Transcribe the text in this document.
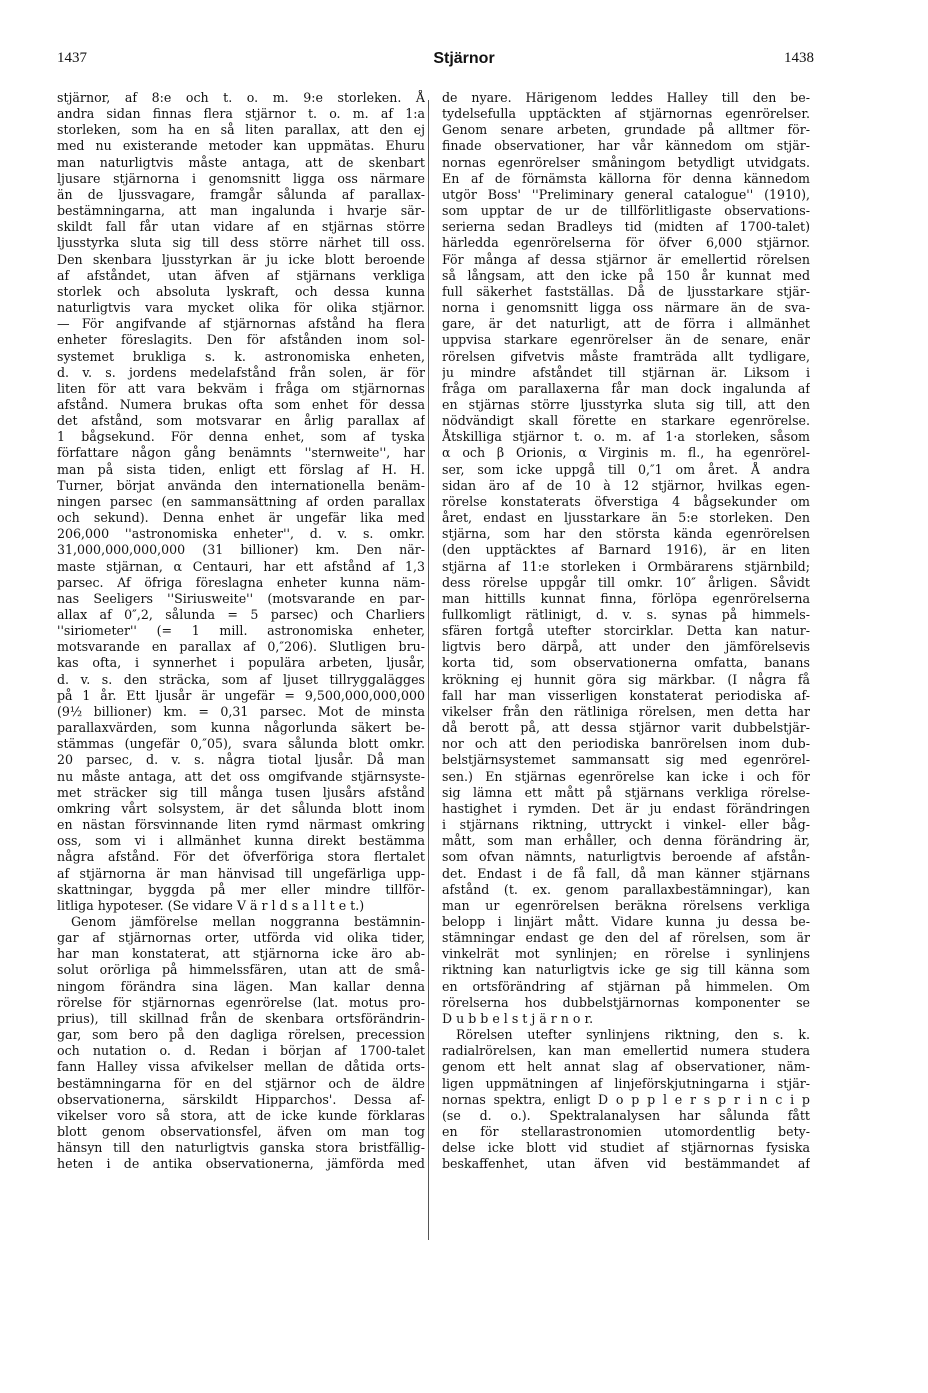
1437	Stjärnor	1438
stjärnor, af 8:e och t. o. m. 9:e storleken. Å
andra sidan finnas flera stjärnor t. o. m. af 1:a
storleken, som ha en så liten parallax, att den ej
med nu existerande metoder kan uppmätas. Ehuru
man naturligtvis måste antaga, att de skenbart
ljusare stjärnorna i genomsnitt ligga oss närmare
än de ljussvagare, framgår sålunda af parallax-
bestämningarna, att man ingalunda i hvarje sär-
skildt fall får utan vidare af en stjärnas större
ljusstyrka sluta sig till dess större närhet till oss.
Den skenbara ljusstyrkan är ju icke blott beroende
af afståndet, utan äfven af stjärnans verkliga
storlek och absoluta lyskraft, och dessa kunna
naturligtvis vara mycket olika för olika stjärnor.
— För angifvande af stjärnornas afstånd ha flera
enheter föreslagits. Den för afstånden inom sol-
systemet brukliga s. k. astronomiska enheten,
d. v. s. jordens medelafstånd från solen, är för
liten för att vara bekväm i fråga om stjärnornas
afstånd. Numera brukas ofta som enhet för dessa
det afstånd, som motsvarar en årlig parallax af
1 bågsekund. För denna enhet, som af tyska
författare någon gång benämnts ''sternweite'', har
man på sista tiden, enligt ett förslag af H. H.
Turner, börjat använda den internationella benäm-
ningen parsec (en sammansättning af orden parallax
och sekund). Denna enhet är ungefär lika med
206,000 ''astronomiska enheter'', d. v. s. omkr.
31,000,000,000,000 (31 billioner) km. Den när-
maste stjärnan, α Centauri, har ett afstånd af 1,3
parsec. Af öfriga föreslagna enheter kunna näm-
nas Seeligers ''Siriusweite'' (motsvarande en par-
allax af 0″,2, sålunda = 5 parsec) och Charliers
''siriometer'' (= 1 mill. astronomiska enheter,
motsvarande en parallax af 0,″206). Slutligen bru-
kas ofta, i synnerhet i populära arbeten, ljusår,
d. v. s. den sträcka, som af ljuset tillryggalägges
på 1 år. Ett ljusår är ungefär = 9,500,000,000,000
(9½ billioner) km. = 0,31 parsec. Mot de minsta
parallaxvärden, som kunna någorlunda säkert be-
stämmas (ungefär 0,″05), svara sålunda blott omkr.
20 parsec, d. v. s. några tiotal ljusår. Då man
nu måste antaga, att det oss omgifvande stjärnsyste-
met sträcker sig till många tusen ljusårs afstånd
omkring vårt solsystem, är det sålunda blott inom
en nästan försvinnande liten rymd närmast omkring
oss, som vi i allmänhet kunna direkt bestämma
några afstånd. För det öfverföriga stora flertalet
af stjärnorna är man hänvisad till ungefärliga upp-
skattningar, byggda på mer eller mindre tillför-
litliga hypoteser. (Se vidare V ä r l d s a l l t e t.)
Genom jämförelse mellan noggranna bestämnin-
gar af stjärnornas orter, utförda vid olika tider,
har man konstaterat, att stjärnorna icke äro ab-
solut orörliga på himmelssfären, utan att de små-
ningom förändra sina lägen. Man kallar denna
rörelse för stjärnornas egenrörelse (lat. motus pro-
prius), till skillnad från de skenbara ortsförändrin-
gar, som bero på den dagliga rörelsen, precession
och nutation o. d. Redan i början af 1700-talet
fann Halley vissa afvikelser mellan de dåtida orts-
bestämningarna för en del stjärnor och de äldre
observationerna, särskildt Hipparchos'. Dessa af-
vikelser voro så stora, att de icke kunde förklaras
blott genom observationsfel, äfven om man tog
hänsyn till den naturligtvis ganska stora bristfällig-
heten i de antika observationerna, jämförda med
de nyare. Härigenom leddes Halley till den be-
tydelsefulla upptäckten af stjärnornas egenrörelser.
Genom senare arbeten, grundade på alltmer för-
finade observationer, har vår kännedom om stjär-
nornas egenrörelser småningom betydligt utvidgats.
En af de förnämsta källorna för denna kännedom
utgör Boss' ''Preliminary general catalogue'' (1910),
som upptar de ur de tillförlitligaste observations-
serierna sedan Bradleys tid (midten af 1700-talet)
härledda egenrörelserna för öfver 6,000 stjärnor.
För många af dessa stjärnor är emellertid rörelsen
så långsam, att den icke på 150 år kunnat med
full säkerhet fastställas. Då de ljusstarkare stjär-
norna i genomsnitt ligga oss närmare än de sva-
gare, är det naturligt, att de förra i allmänhet
uppvisa starkare egenrörelser än de senare, enär
rörelsen gifvetvis måste framträda allt tydligare,
ju mindre afståndet till stjärnan är. Liksom i
fråga om parallaxerna får man dock ingalunda af
en stjärnas större ljusstyrka sluta sig till, att den
nödvändigt skall förette en starkare egenrörelse.
Åtskilliga stjärnor t. o. m. af 1·a storleken, såsom
α och β Orionis, α Virginis m. fl., ha egenrörel-
ser, som icke uppgå till 0,″1 om året. Å andra
sidan äro af de 10 à 12 stjärnor, hvilkas egen-
rörelse konstaterats öfverstiga 4 bågsekunder om
året, endast en ljusstarkare än 5:e storleken. Den
stjärna, som har den största kända egenrörelsen
(den upptäcktes af Barnard 1916), är en liten
stjärna af 11:e storleken i Ormbärarens stjärnbild;
dess rörelse uppgår till omkr. 10″ årligen. Såvidt
man hittills kunnat finna, förlöpa egenrörelserna
fullkomligt rätlinigt, d. v. s. synas på himmels-
sfären fortgå utefter storcirklar. Detta kan natur-
ligtvis bero därpå, att under den jämförelsevis
korta tid, som observationerna omfatta, banans
krökning ej hunnit göra sig märkbar. (I några få
fall har man visserligen konstaterat periodiska af-
vikelser från den rätliniga rörelsen, men detta har
då berott på, att dessa stjärnor varit dubbelstjär-
nor och att den periodiska banrörelsen inom dub-
belstjärnsystemet sammansatt sig med egenrörel-
sen.) En stjärnas egenrörelse kan icke i och för
sig lämna ett mått på stjärnans verkliga rörelse-
hastighet i rymden. Det är ju endast förändringen
i stjärnans riktning, uttryckt i vinkel- eller båg-
mått, som man erhåller, och denna förändring är,
som ofvan nämnts, naturligtvis beroende af afstån-
det. Endast i de få fall, då man känner stjärnans
afstånd (t. ex. genom parallaxbestämningar), kan
man ur egenrörelsen beräkna rörelsens verkliga
belopp i linjärt mått. Vidare kunna ju dessa be-
stämningar endast ge den del af rörelsen, som är
vinkelrät mot synlinjen; en rörelse i synlinjens
riktning kan naturligtvis icke ge sig till känna som
en ortsförändring af stjärnan på himmelen. Om
rörelserna hos dubbelstjärnornas komponenter se
D u b b e l s t j ä r n o r.
Rörelsen utefter synlinjens riktning, den s. k.
radialrörelsen, kan man emellertid numera studera
genom ett helt annat slag af observationer, näm-
ligen uppmätningen af linjeförskjutningarna i stjär-
nornas spektra, enligt D o p p l e r s p r i n c i p
(se d. o.). Spektralanalysen har sålunda fått
en för stellarastronomien utomordentlig bety-
delse icke blott vid studiet af stjärnornas fysiska
beskaffenhet, utan äfven vid bestämmandet af
